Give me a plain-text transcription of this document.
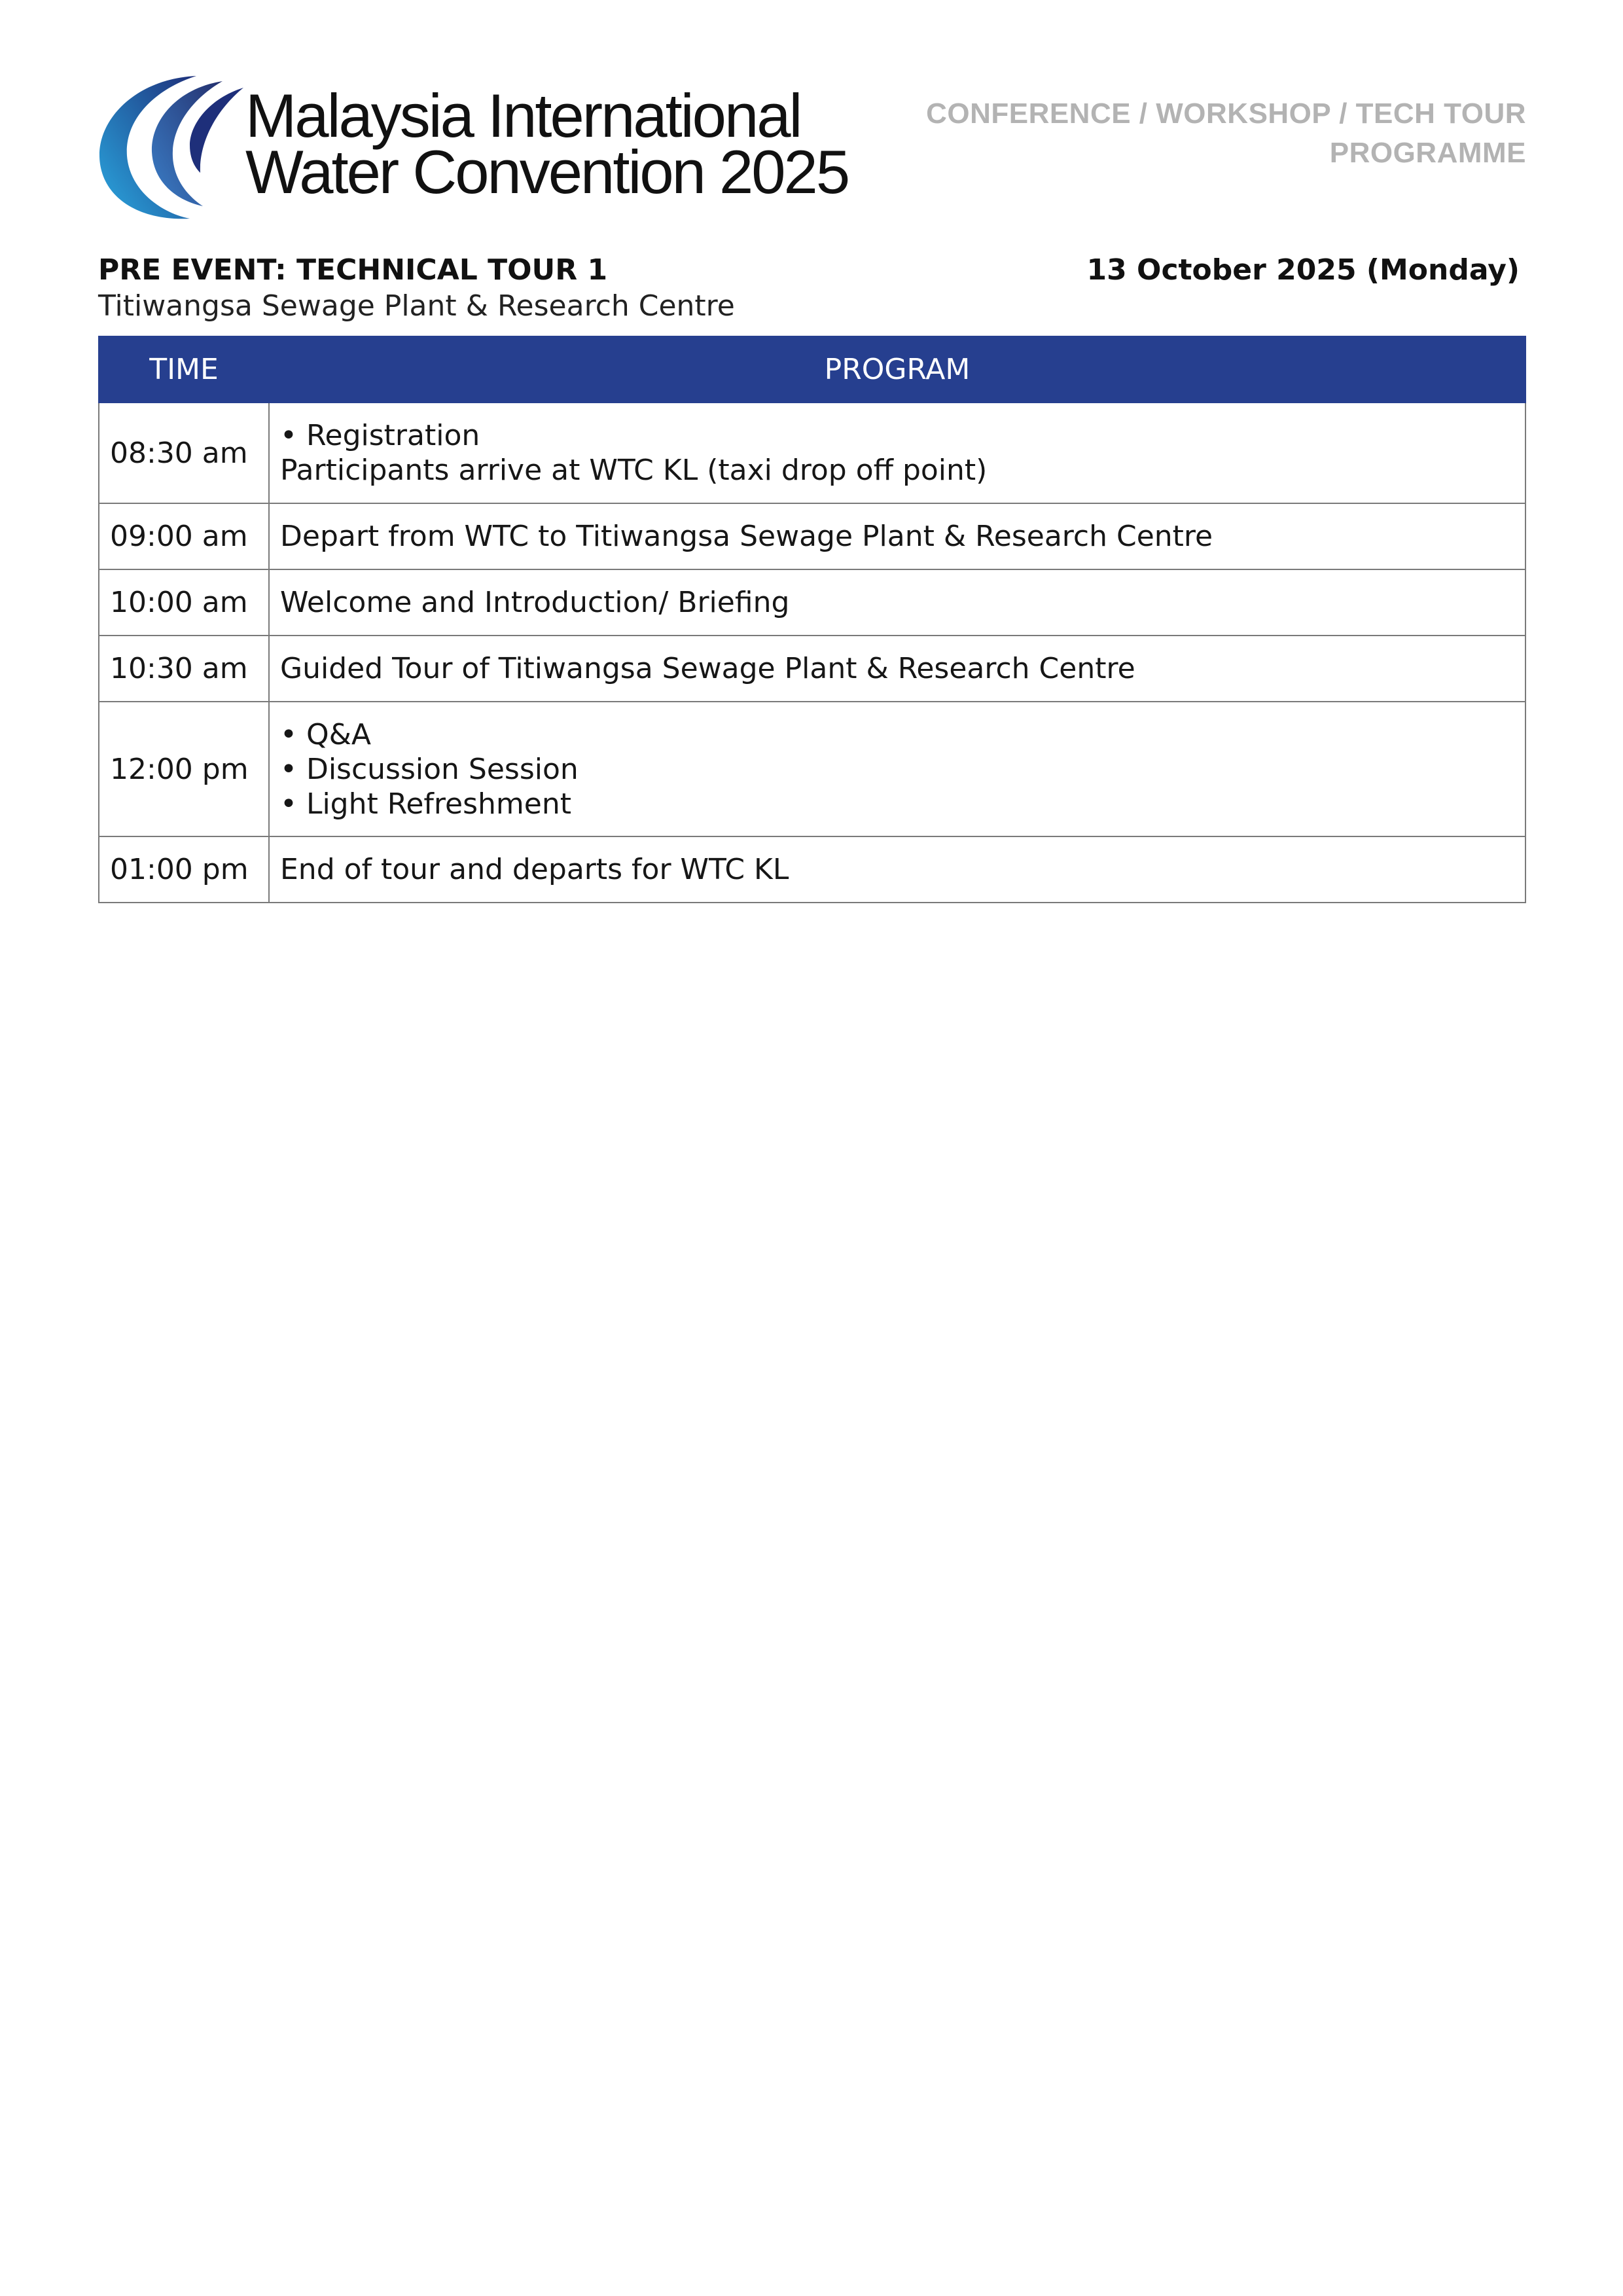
Malaysia International
Water Convention 2025
CONFERENCE / WORKSHOP / TECH TOUR
PROGRAMME
PRE EVENT: TECHNICAL TOUR 1
Titiwangsa Sewage Plant & Research Centre
13 October 2025 (Monday)
TIME	PROGRAM
08:30 am	• Registration
Participants arrive at WTC KL (taxi drop off point)

09:00 am	Depart from WTC to Titiwangsa Sewage Plant & Research Centre

10:00 am	Welcome and Introduction/ Briefing

10:30 am	Guided Tour of Titiwangsa Sewage Plant & Research Centre

12:00 pm	• Q&A
• Discussion Session
• Light Refreshment

01:00 pm	End of tour and departs for WTC KL
